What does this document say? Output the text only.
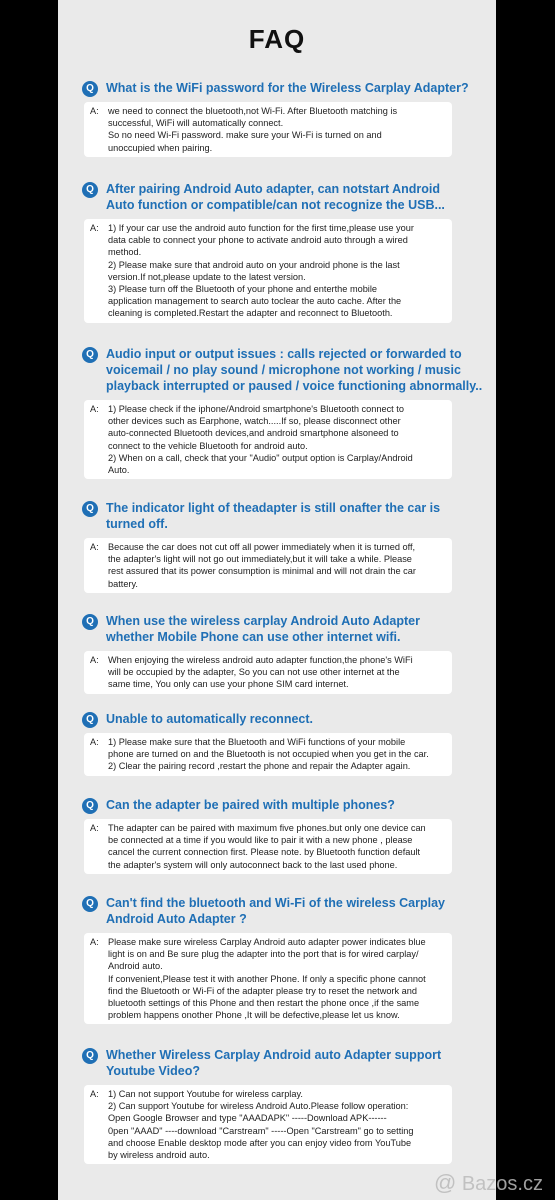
FAQ
Q What is the WiFi password for the Wireless Carplay Adapter?
A: we need to connect the bluetooth,not Wi-Fi. After Bluetooth matching is
successful, WiFi will automatically connect.
So no need Wi-Fi password. make sure your Wi-Fi is turned on and
unoccupied when pairing.
Q After pairing Android Auto adapter, can notstart Android
Auto function or compatible/can not recognize the USB...
A: 1) If your car use the android auto function for the first time,please use your
data cable to connect your phone to activate android auto through a wired
method.
2) Please make sure that android auto on your android phone is the last
version.If not,please update to the latest version.
3) Please turn off the Bluetooth of your phone and enterthe mobile
application management to search auto toclear the auto cache. After the
cleaning is completed.Restart the adapter and reconnect to Bluetooth.
Q Audio input or output issues : calls rejected or forwarded to
voicemail / no play sound / microphone not working / music
playback interrupted or paused / voice functioning abnormally..
A: 1) Please check if the iphone/Android smartphone's Bluetooth connect to
other devices such as Earphone, watch.....If so, please disconnect other
auto-connected Bluetooth devices,and android smartphone alsoneed to
connect to the vehicle Bluetooth for android auto.
2) When on a call, check that your "Audio" output option is Carplay/Android
Auto.
Q The indicator light of theadapter is still onafter the car is
turned off.
A: Because the car does not cut off all power immediately when it is turned off,
the adapter's light will not go out immediately,but it will take a while. Please
rest assured that its power consumption is minimal and will not drain the car
battery.
Q When use the wireless carplay Android Auto Adapter
whether Mobile Phone can use other internet wifi.
A: When enjoying the wireless android auto adapter function,the phone's WiFi
will be occupied by the adapter, So you can not use other internet at the
same time, You only can use your phone SIM card internet.
Q Unable to automatically reconnect.
A: 1) Please make sure that the Bluetooth and WiFi functions of your mobile
phone are turned on and the Bluetooth is not occupied when you get in the car.
2) Clear the pairing record ,restart the phone and repair the Adapter again.
Q Can the adapter be paired with multiple phones?
A: The adapter can be paired with maximum five phones.but only one device can
be connected at a time if you would like to pair it with a new phone , please
cancel the current connection first. Please note. by Bluetooth function default
the adapter's system will only autoconnect back to the last used phone.
Q Can't find the bluetooth and Wi-Fi of the wireless Carplay
Android Auto Adapter ?
A: Please make sure wireless Carplay Android auto adapter power indicates blue
light is on and Be sure plug the adapter into the port that is for wired carplay/
Android auto.
If convenient,Please test it with another Phone. If only a specific phone cannot
find the Bluetooth or Wi-Fi of the adapter please try to reset the network and
bluetooth settings of this Phone and then restart the phone once ,if the same
problem happens onother Phone ,It will be defective,please let us know.
Q Whether Wireless Carplay Android auto Adapter support
Youtube Video?
A: 1) Can not support Youtube for wireless carplay.
2) Can support Youtube for wireless Android Auto.Please follow operation:
Open Google Browser and type "AAADAPK" -----Download APK------
0pen "AAAD" ----download "Carstream" -----Open "Carstream" go to setting
and choose Enable desktop mode after you can enjoy video from YouTube
by wireless android auto.
@ Bazos.cz
